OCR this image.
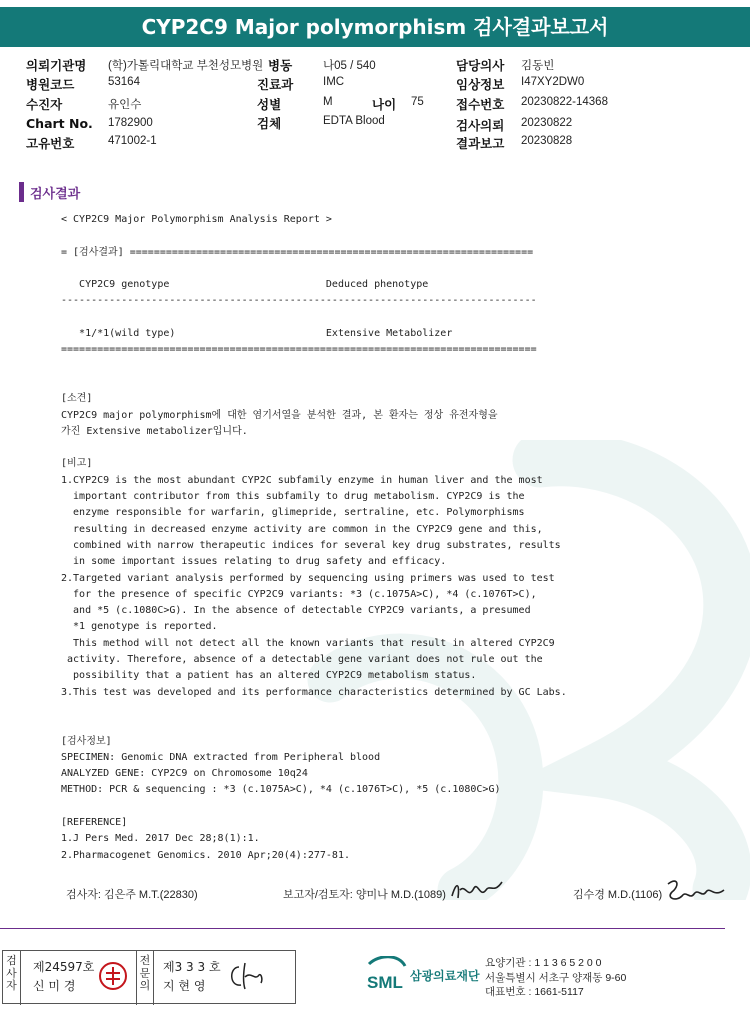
CYP2C9 Major polymorphism 검사결과보고서
의뢰기관명 (학)가톨릭대학교 부천성모병원
병원코드	53164
수진자	유인수
Chart No. 1782900
고유번호	471002-1
병동	나05 / 540
진료과	IMC
성별	M	나이 75
검체	EDTA Blood
담당의사 김동빈
임상정보 I47XY2DW0
접수번호 20230822-14368
검사의뢰 20230822
결과보고 20230828
검사결과
< CYP2C9 Major Polymorphism Analysis Report >
= [검사결과] ===================================================================
CYP2C9 genotype                          Deduced phenotype
-------------------------------------------------------------------------------
*1/*1(wild type)                         Extensive Metabolizer
===============================================================================
[소견]
CYP2C9 major polymorphism에 대한 염기서열을 분석한 결과, 본 환자는 정상 유전자형을
가진 Extensive metabolizer입니다.
[비고]
1.CYP2C9 is the most abundant CYP2C subfamily enzyme in human liver and the most
important contributor from this subfamily to drug metabolism. CYP2C9 is the
enzyme responsible for warfarin, glimepride, sertraline, etc. Polymorphisms
resulting in decreased enzyme activity are common in the CYP2C9 gene and this,
combined with narrow therapeutic indices for several key drug substrates, results
in some important issues relating to drug safety and efficacy.
2.Targeted variant analysis performed by sequencing using primers was used to test
for the presence of specific CYP2C9 variants: *3 (c.1075A>C), *4 (c.1076T>C),
and *5 (c.1080C>G). In the absence of detectable CYP2C9 variants, a presumed
*1 genotype is reported.
This method will not detect all the known variants that result in altered CYP2C9
activity. Therefore, absence of a detectable gene variant does not rule out the
possibility that a patient has an altered CYP2C9 metabolism status.
3.This test was developed and its performance characteristics determined by GC Labs.
[검사정보]
SPECIMEN: Genomic DNA extracted from Peripheral blood
ANALYZED GENE: CYP2C9 on Chromosome 10q24
METHOD: PCR & sequencing : *3 (c.1075A>C), *4 (c.1076T>C), *5 (c.1080C>G)
[REFERENCE]
1.J Pers Med. 2017 Dec 28;8(1):1.
2.Pharmacogenet Genomics. 2010 Apr;20(4):277-81.
검사자: 김은주 M.T.(22830)	보고자/검토자: 양미나 M.D.(1089)	김수경 M.D.(1106)
검
사
자
제24597호
신 미 경
전
문
의
제3 3 3 호
지 현 영	SML 삼광의료재단
요양기관 : 1 1 3 6 5 2 0 0
서울특별시 서초구 양재동 9-60
대표번호 : 1661-5117
